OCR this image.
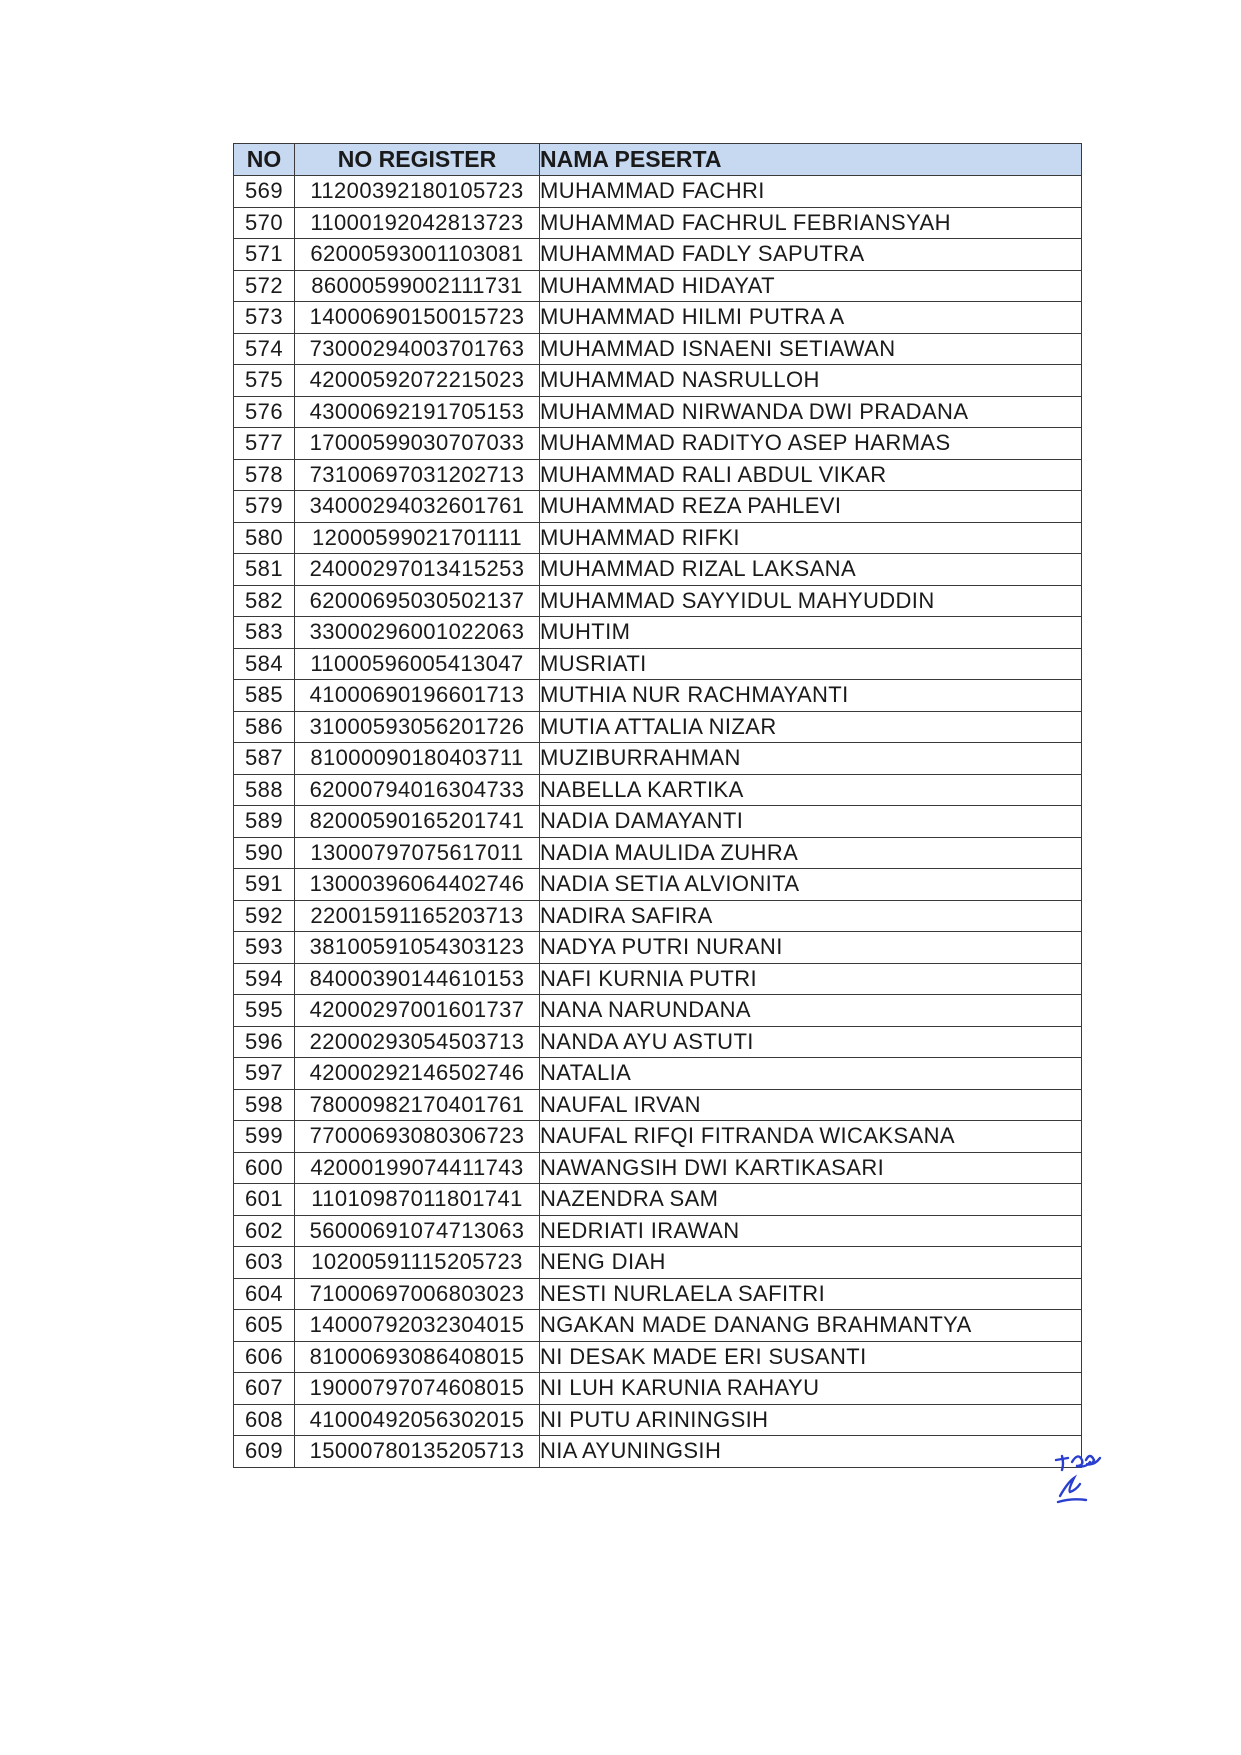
NO	NO REGISTER	NAMA PESERTA
569	11200392180105723	MUHAMMAD FACHRI
570	11000192042813723	MUHAMMAD FACHRUL FEBRIANSYAH
571	62000593001103081	MUHAMMAD FADLY SAPUTRA
572	86000599002111731	MUHAMMAD HIDAYAT
573	14000690150015723	MUHAMMAD HILMI PUTRA A
574	73000294003701763	MUHAMMAD ISNAENI SETIAWAN
575	42000592072215023	MUHAMMAD NASRULLOH
576	43000692191705153	MUHAMMAD NIRWANDA DWI PRADANA
577	17000599030707033	MUHAMMAD RADITYO ASEP HARMAS
578	73100697031202713	MUHAMMAD RALI ABDUL VIKAR
579	34000294032601761	MUHAMMAD REZA PAHLEVI
580	12000599021701111	MUHAMMAD RIFKI
581	24000297013415253	MUHAMMAD RIZAL LAKSANA
582	62000695030502137	MUHAMMAD SAYYIDUL MAHYUDDIN
583	33000296001022063	MUHTIM
584	11000596005413047	MUSRIATI
585	41000690196601713	MUTHIA NUR RACHMAYANTI
586	31000593056201726	MUTIA ATTALIA NIZAR
587	81000090180403711	MUZIBURRAHMAN
588	62000794016304733	NABELLA KARTIKA
589	82000590165201741	NADIA DAMAYANTI
590	13000797075617011	NADIA MAULIDA ZUHRA
591	13000396064402746	NADIA SETIA ALVIONITA
592	22001591165203713	NADIRA SAFIRA
593	38100591054303123	NADYA PUTRI NURANI
594	84000390144610153	NAFI KURNIA PUTRI
595	42000297001601737	NANA NARUNDANA
596	22000293054503713	NANDA AYU ASTUTI
597	42000292146502746	NATALIA
598	78000982170401761	NAUFAL IRVAN
599	77000693080306723	NAUFAL RIFQI FITRANDA WICAKSANA
600	42000199074411743	NAWANGSIH DWI KARTIKASARI
601	11010987011801741	NAZENDRA SAM
602	56000691074713063	NEDRIATI IRAWAN
603	10200591115205723	NENG DIAH
604	71000697006803023	NESTI NURLAELA SAFITRI
605	14000792032304015	NGAKAN MADE DANANG BRAHMANTYA
606	81000693086408015	NI DESAK MADE ERI SUSANTI
607	19000797074608015	NI LUH KARUNIA RAHAYU
608	41000492056302015	NI PUTU ARININGSIH
609	15000780135205713	NIA AYUNINGSIH
